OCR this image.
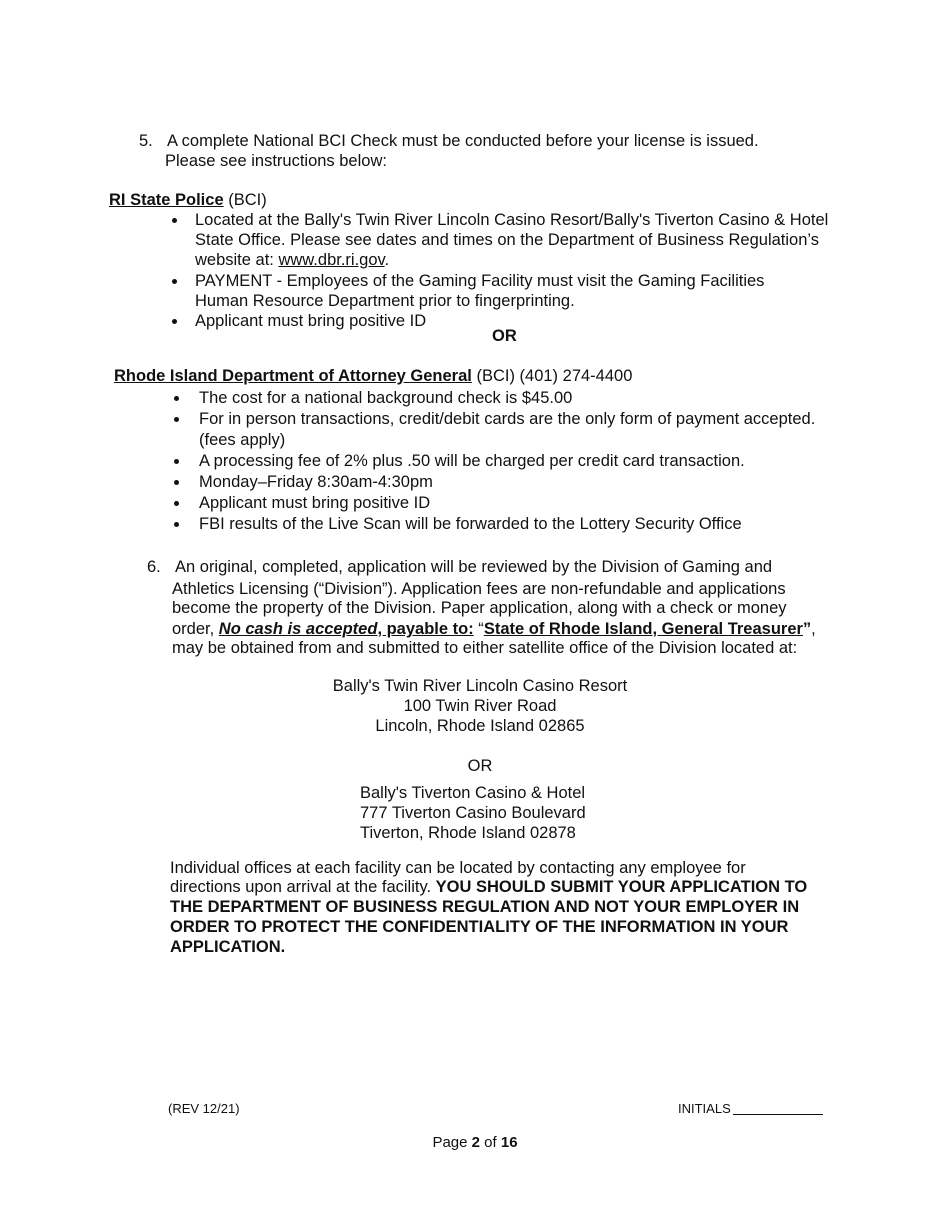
5. A complete National BCI Check must be conducted before your license is issued.
Please see instructions below:
RI State Police (BCI)
Located at the Bally's Twin River Lincoln Casino Resort/Bally's Tiverton Casino & Hotel
State Office. Please see dates and times on the Department of Business Regulation’s
website at: www.dbr.ri.gov.
PAYMENT - Employees of the Gaming Facility must visit the Gaming Facilities
Human Resource Department prior to fingerprinting.
Applicant must bring positive ID
OR
Rhode Island Department of Attorney General (BCI) (401) 274-4400
The cost for a national background check is $45.00
For in person transactions, credit/debit cards are the only form of payment accepted.
(fees apply)
A processing fee of 2% plus .50 will be charged per credit card transaction.
Monday–Friday 8:30am-4:30pm
Applicant must bring positive ID
FBI results of the Live Scan will be forwarded to the Lottery Security Office
6. An original, completed, application will be reviewed by the Division of Gaming and
Athletics Licensing (“Division”). Application fees are non-refundable and applications
become the property of the Division. Paper application, along with a check or money
order, No cash is accepted, payable to: “State of Rhode Island, General Treasurer”,
may be obtained from and submitted to either satellite office of the Division located at:
Bally's Twin River Lincoln Casino Resort
100 Twin River Road
Lincoln, Rhode Island 02865
OR
Bally's Tiverton Casino & Hotel
777 Tiverton Casino Boulevard
Tiverton, Rhode Island 02878
Individual offices at each facility can be located by contacting any employee for
directions upon arrival at the facility. YOU SHOULD SUBMIT YOUR APPLICATION TO
THE DEPARTMENT OF BUSINESS REGULATION AND NOT YOUR EMPLOYER IN
ORDER TO PROTECT THE CONFIDENTIALITY OF THE INFORMATION IN YOUR
APPLICATION.
(REV 12/21)	INITIALS
Page 2 of 16
